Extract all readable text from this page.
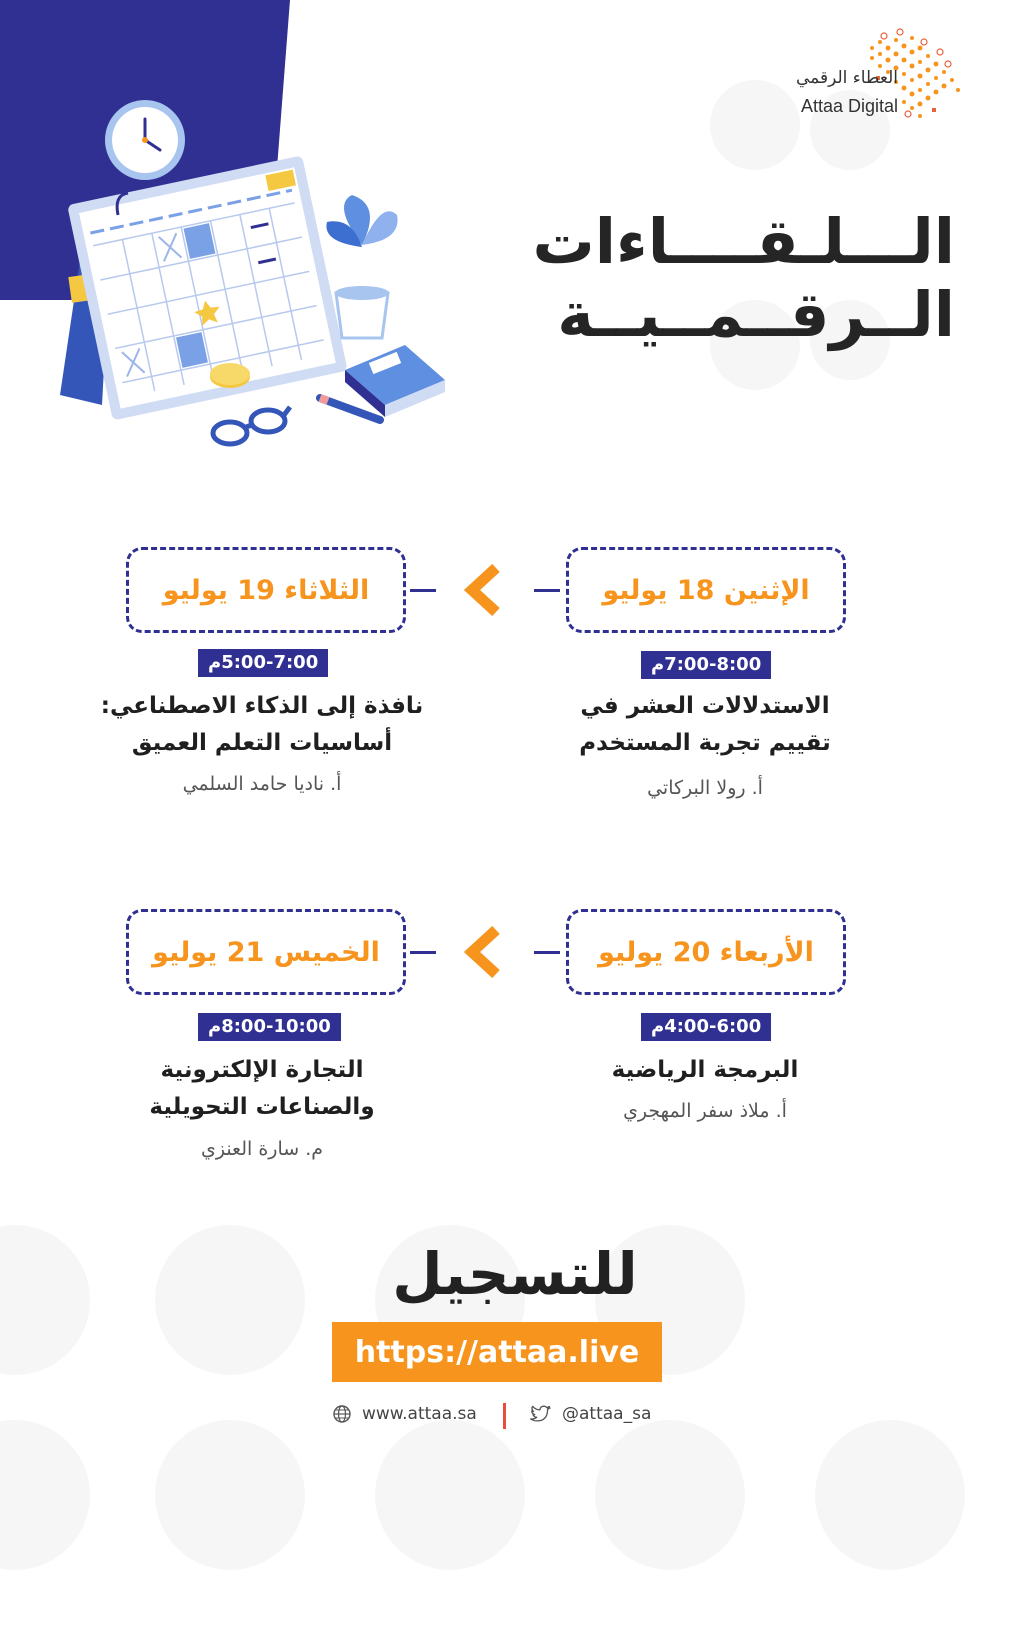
العطاء الرقمي
Attaa Digital
الـــلـقــــاءات
الــرقــمــيــة
الإثنين 18 يوليو
الثلاثاء 19 يوليو
7:00-8:00م
5:00-7:00م
الاستدلالات العشر في
تقييم تجربة المستخدم
نافذة إلى الذكاء الاصطناعي:
أساسيات التعلم العميق
أ. رولا البركاتي
أ. ناديا حامد السلمي
الأربعاء 20 يوليو
الخميس 21 يوليو
4:00-6:00م
8:00-10:00م
البرمجة الرياضية
التجارة الإلكترونية
والصناعات التحويلية	أ. ملاذ سفر المهجري
م. سارة العنزي
للتسجيل
https://attaa.live
www.attaa.sa	@attaa_sa
